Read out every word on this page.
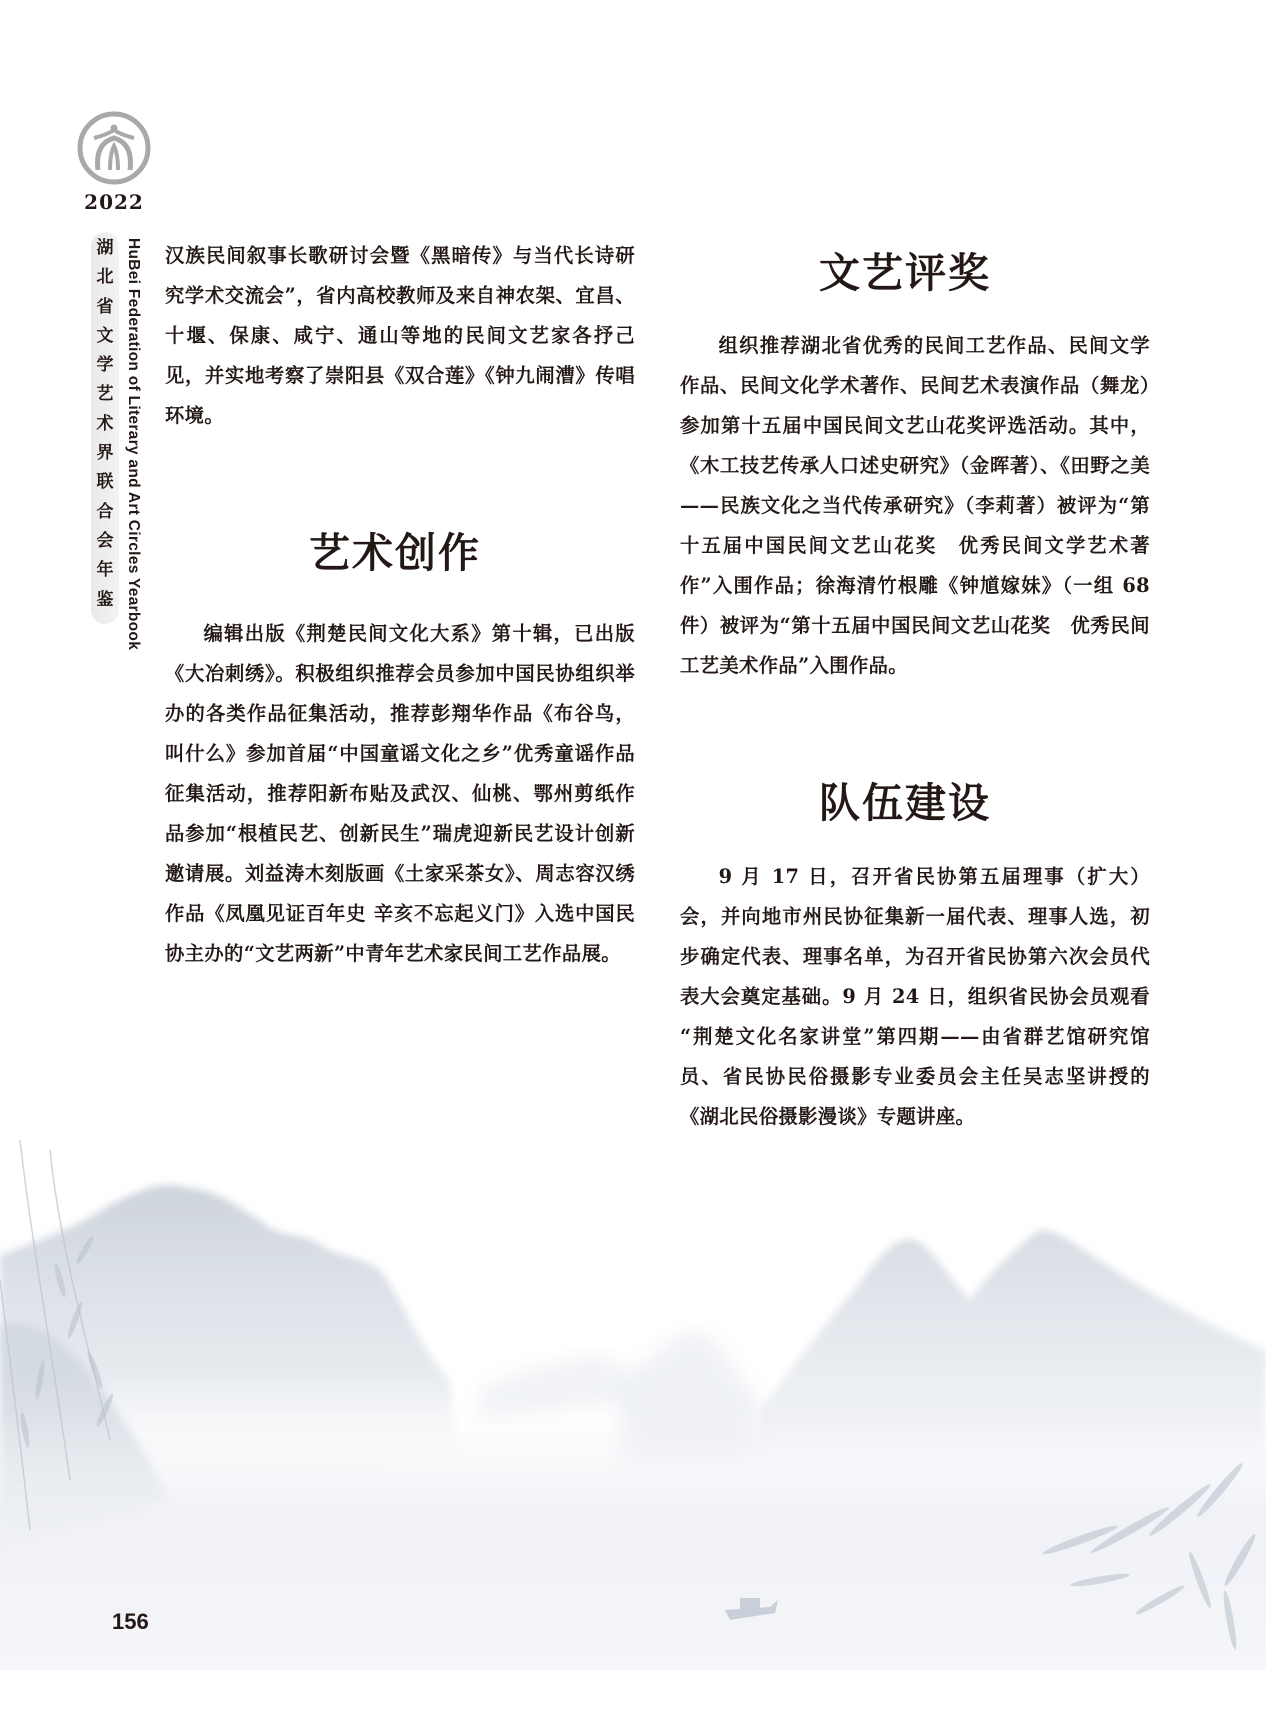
2022
湖
北
省
文
学
艺
术
界
联
合
会
年
鉴 HuBei Federation of Literary and Art Circles Yearbook 汉族民间叙事长歌研讨会暨《黑暗传》与当代长诗研究学术交流会”，省内高校教师及来自神农架、宜昌、十堰、保康、咸宁、通山等地的民间文艺家各抒己见，并实地考察了崇阳县《双合莲》《钟九闹漕》传唱环境。

艺术创作

编辑出版《荆楚民间文化大系》第十辑，已出版《大冶刺绣》。积极组织推荐会员参加中国民协组织举办的各类作品征集活动，推荐彭翔华作品《布谷鸟，叫什么》参加首届“中国童谣文化之乡”优秀童谣作品征集活动，推荐阳新布贴及武汉、仙桃、鄂州剪纸作品参加“根植民艺、创新民生”瑞虎迎新民艺设计创新邀请展。刘益涛木刻版画《土家采茶女》、周志容汉绣作品《凤凰见证百年史 辛亥不忘起义门》入选中国民协主办的“文艺两新”中青年艺术家民间工艺作品展。

文艺评奖

组织推荐湖北省优秀的民间工艺作品、民间文学作品、民间文化学术著作、民间艺术表演作品（舞龙）参加第十五届中国民间文艺山花奖评选活动。其中，《木工技艺传承人口述史研究》（金晖著）、《田野之美——民族文化之当代传承研究》（李莉著）被评为“第十五届中国民间文艺山花奖　优秀民间文学艺术著作”入围作品；徐海清竹根雕《钟馗嫁妹》（一组 68 件）被评为“第十五届中国民间文艺山花奖　优秀民间工艺美术作品”入围作品。

队伍建设

9 月 17 日，召开省民协第五届理事（扩大）会，并向地市州民协征集新一届代表、理事人选，初步确定代表、理事名单，为召开省民协第六次会员代表大会奠定基础。9 月 24 日，组织省民协会员观看 “荆楚文化名家讲堂”第四期——由省群艺馆研究馆员、省民协民俗摄影专业委员会主任吴志坚讲授的《湖北民俗摄影漫谈》专题讲座。

156
